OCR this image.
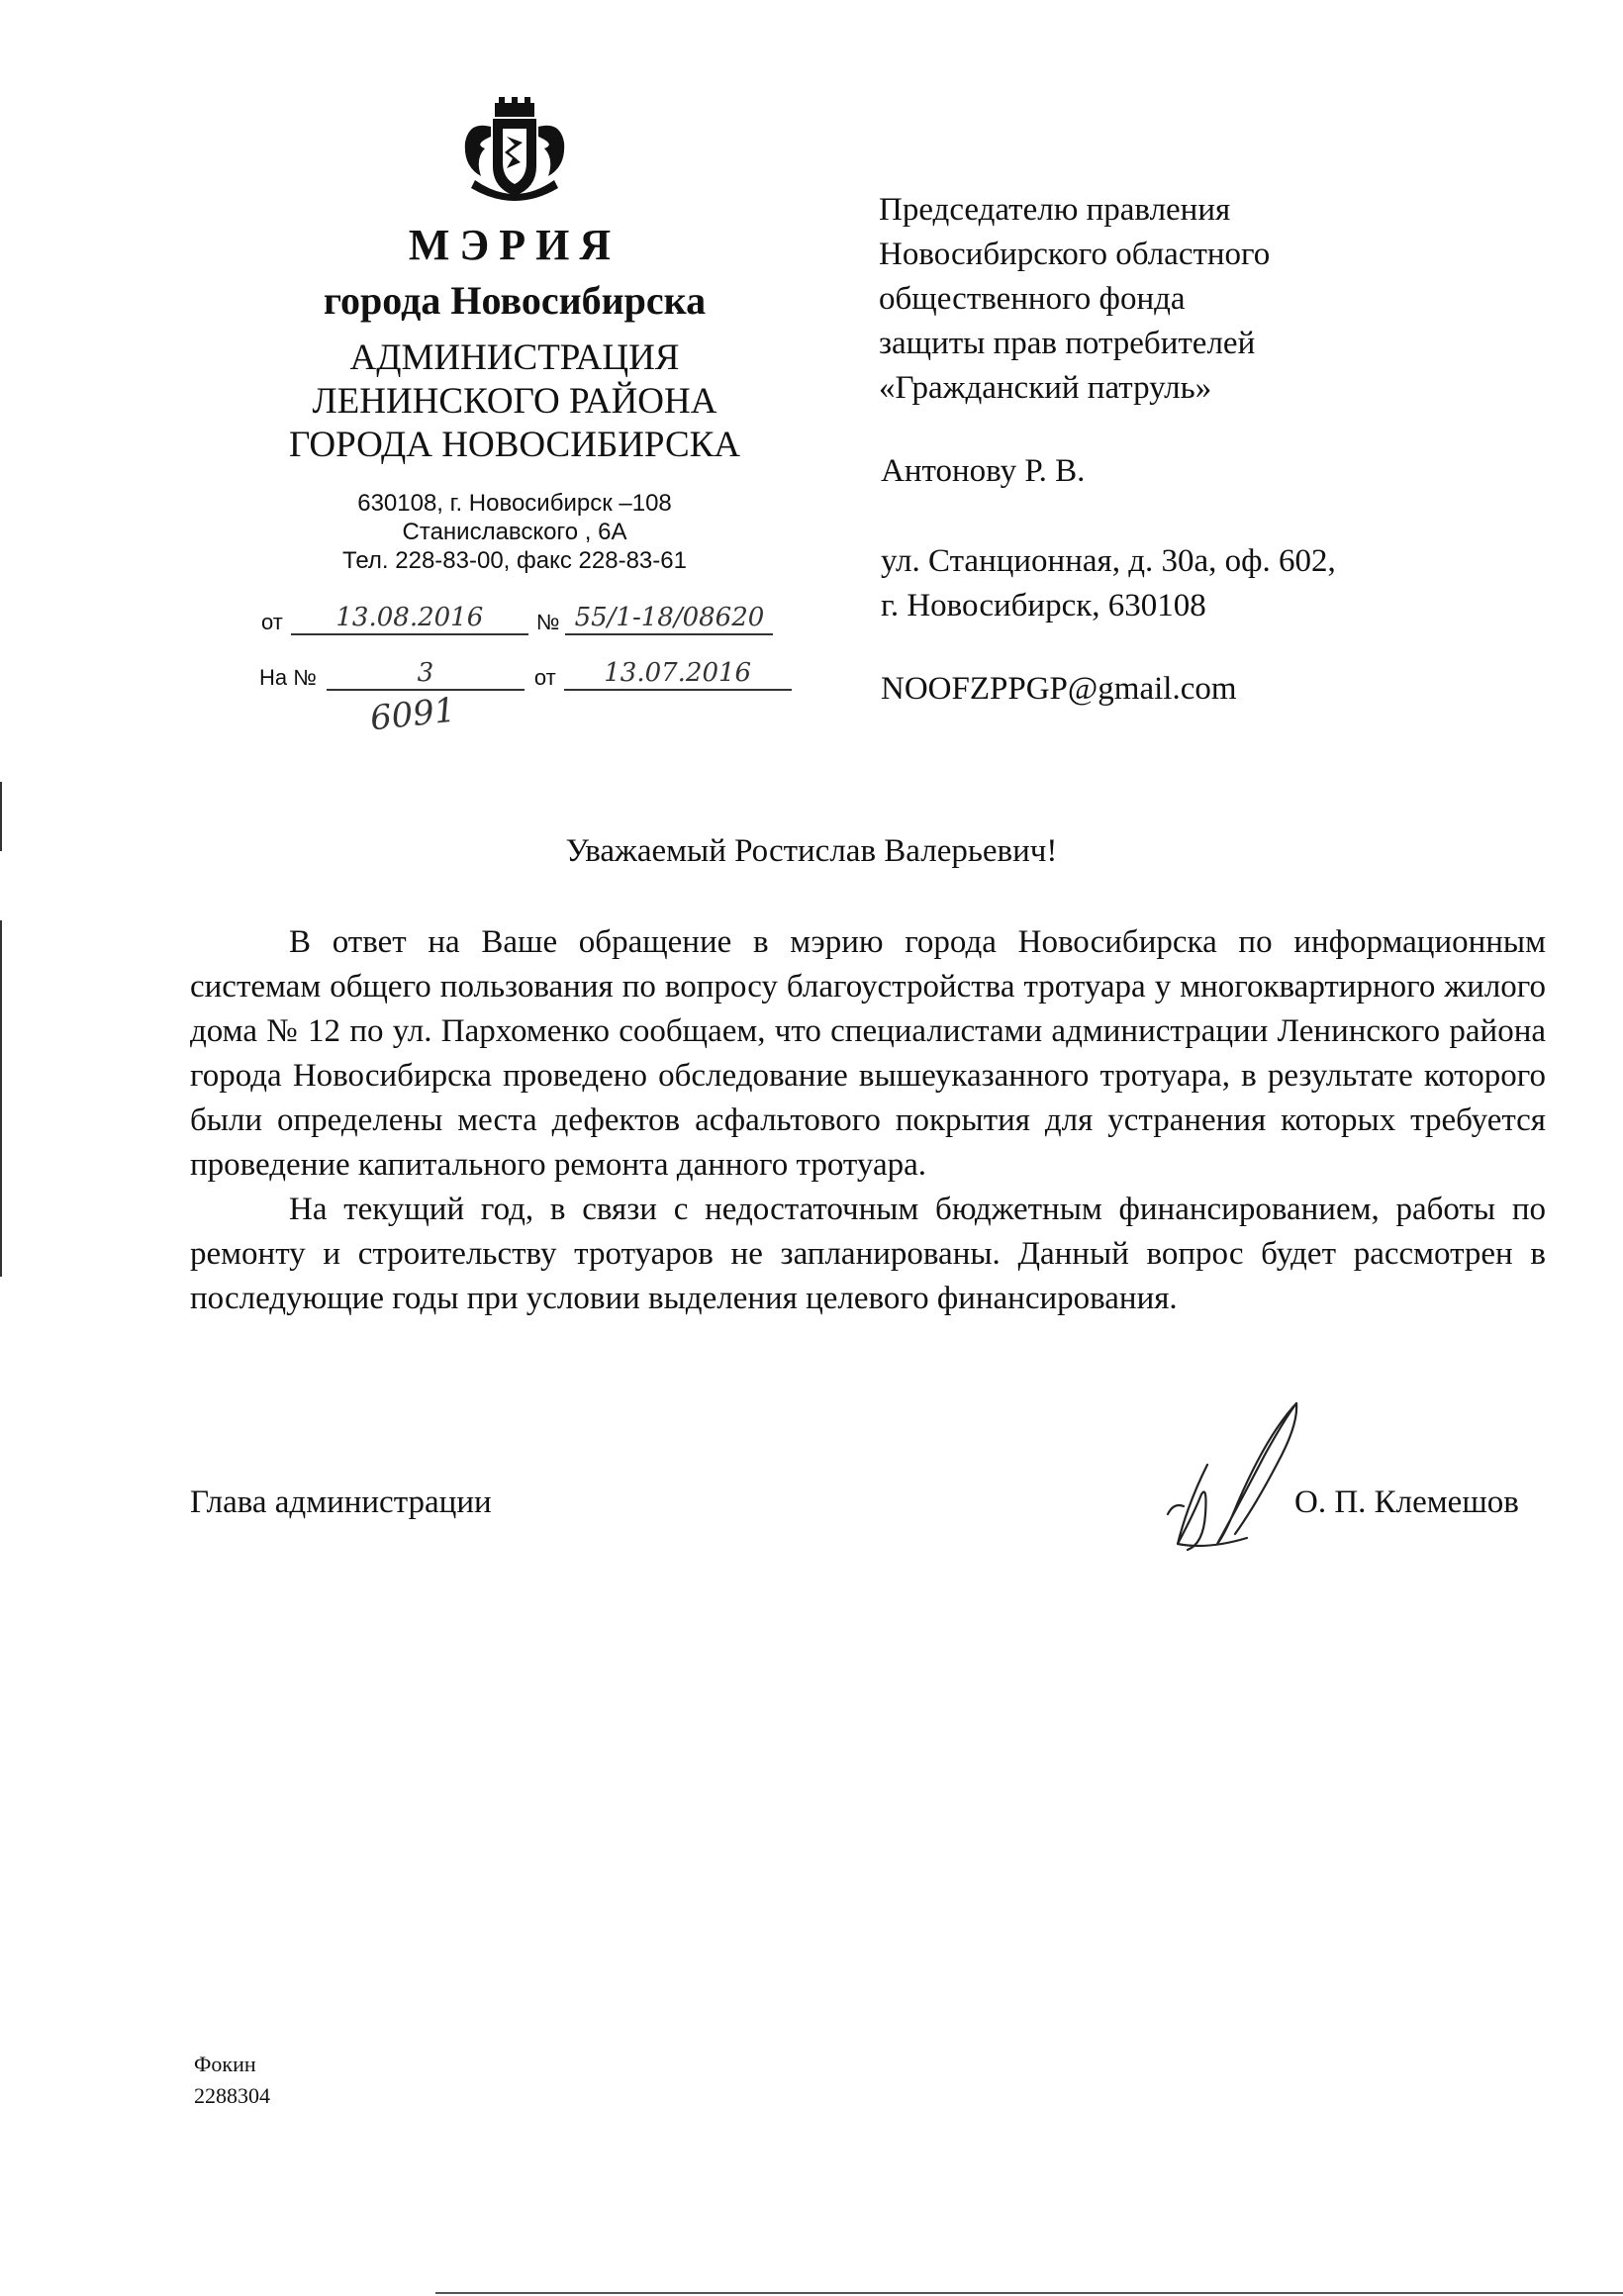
МЭРИЯ
города Новосибирска
АДМИНИСТРАЦИЯ
ЛЕНИНСКОГО РАЙОНА
ГОРОДА НОВОСИБИРСКА
630108, г. Новосибирск –108
Станиславского , 6А
Тел. 228-83-00, факс 228-83-61
от	13.08.2016	№ 55/1-18/08620
На №	3	от	13.07.2016
6091
Председателю правления
Новосибирского областного
общественного фонда
защиты прав потребителей
«Гражданский патруль»
Антонову Р. В.
ул. Станционная, д. 30а, оф. 602,
г. Новосибирск, 630108
NOOFZPPGP@gmail.com
Уважаемый Ростислав Валерьевич!

В ответ на Ваше обращение в мэрию города Новосибирска по информационным системам общего пользования по вопросу благоустройства тротуара у многоквартирного жилого дома № 12 по ул. Пархоменко сообщаем, что специалистами администрации Ленинского района города Новосибирска проведено обследование вышеуказанного тротуара, в результате которого были определены места дефектов асфальтового покрытия для устранения которых требуется проведение капитального ремонта данного тротуара.

На текущий год, в связи с недостаточным бюджетным финансированием, работы по ремонту и строительству тротуаров не запланированы. Данный вопрос будет рассмотрен в последующие годы при условии выделения целевого финансирования.

Глава администрации	О. П. Клемешов
Фокин
2288304
